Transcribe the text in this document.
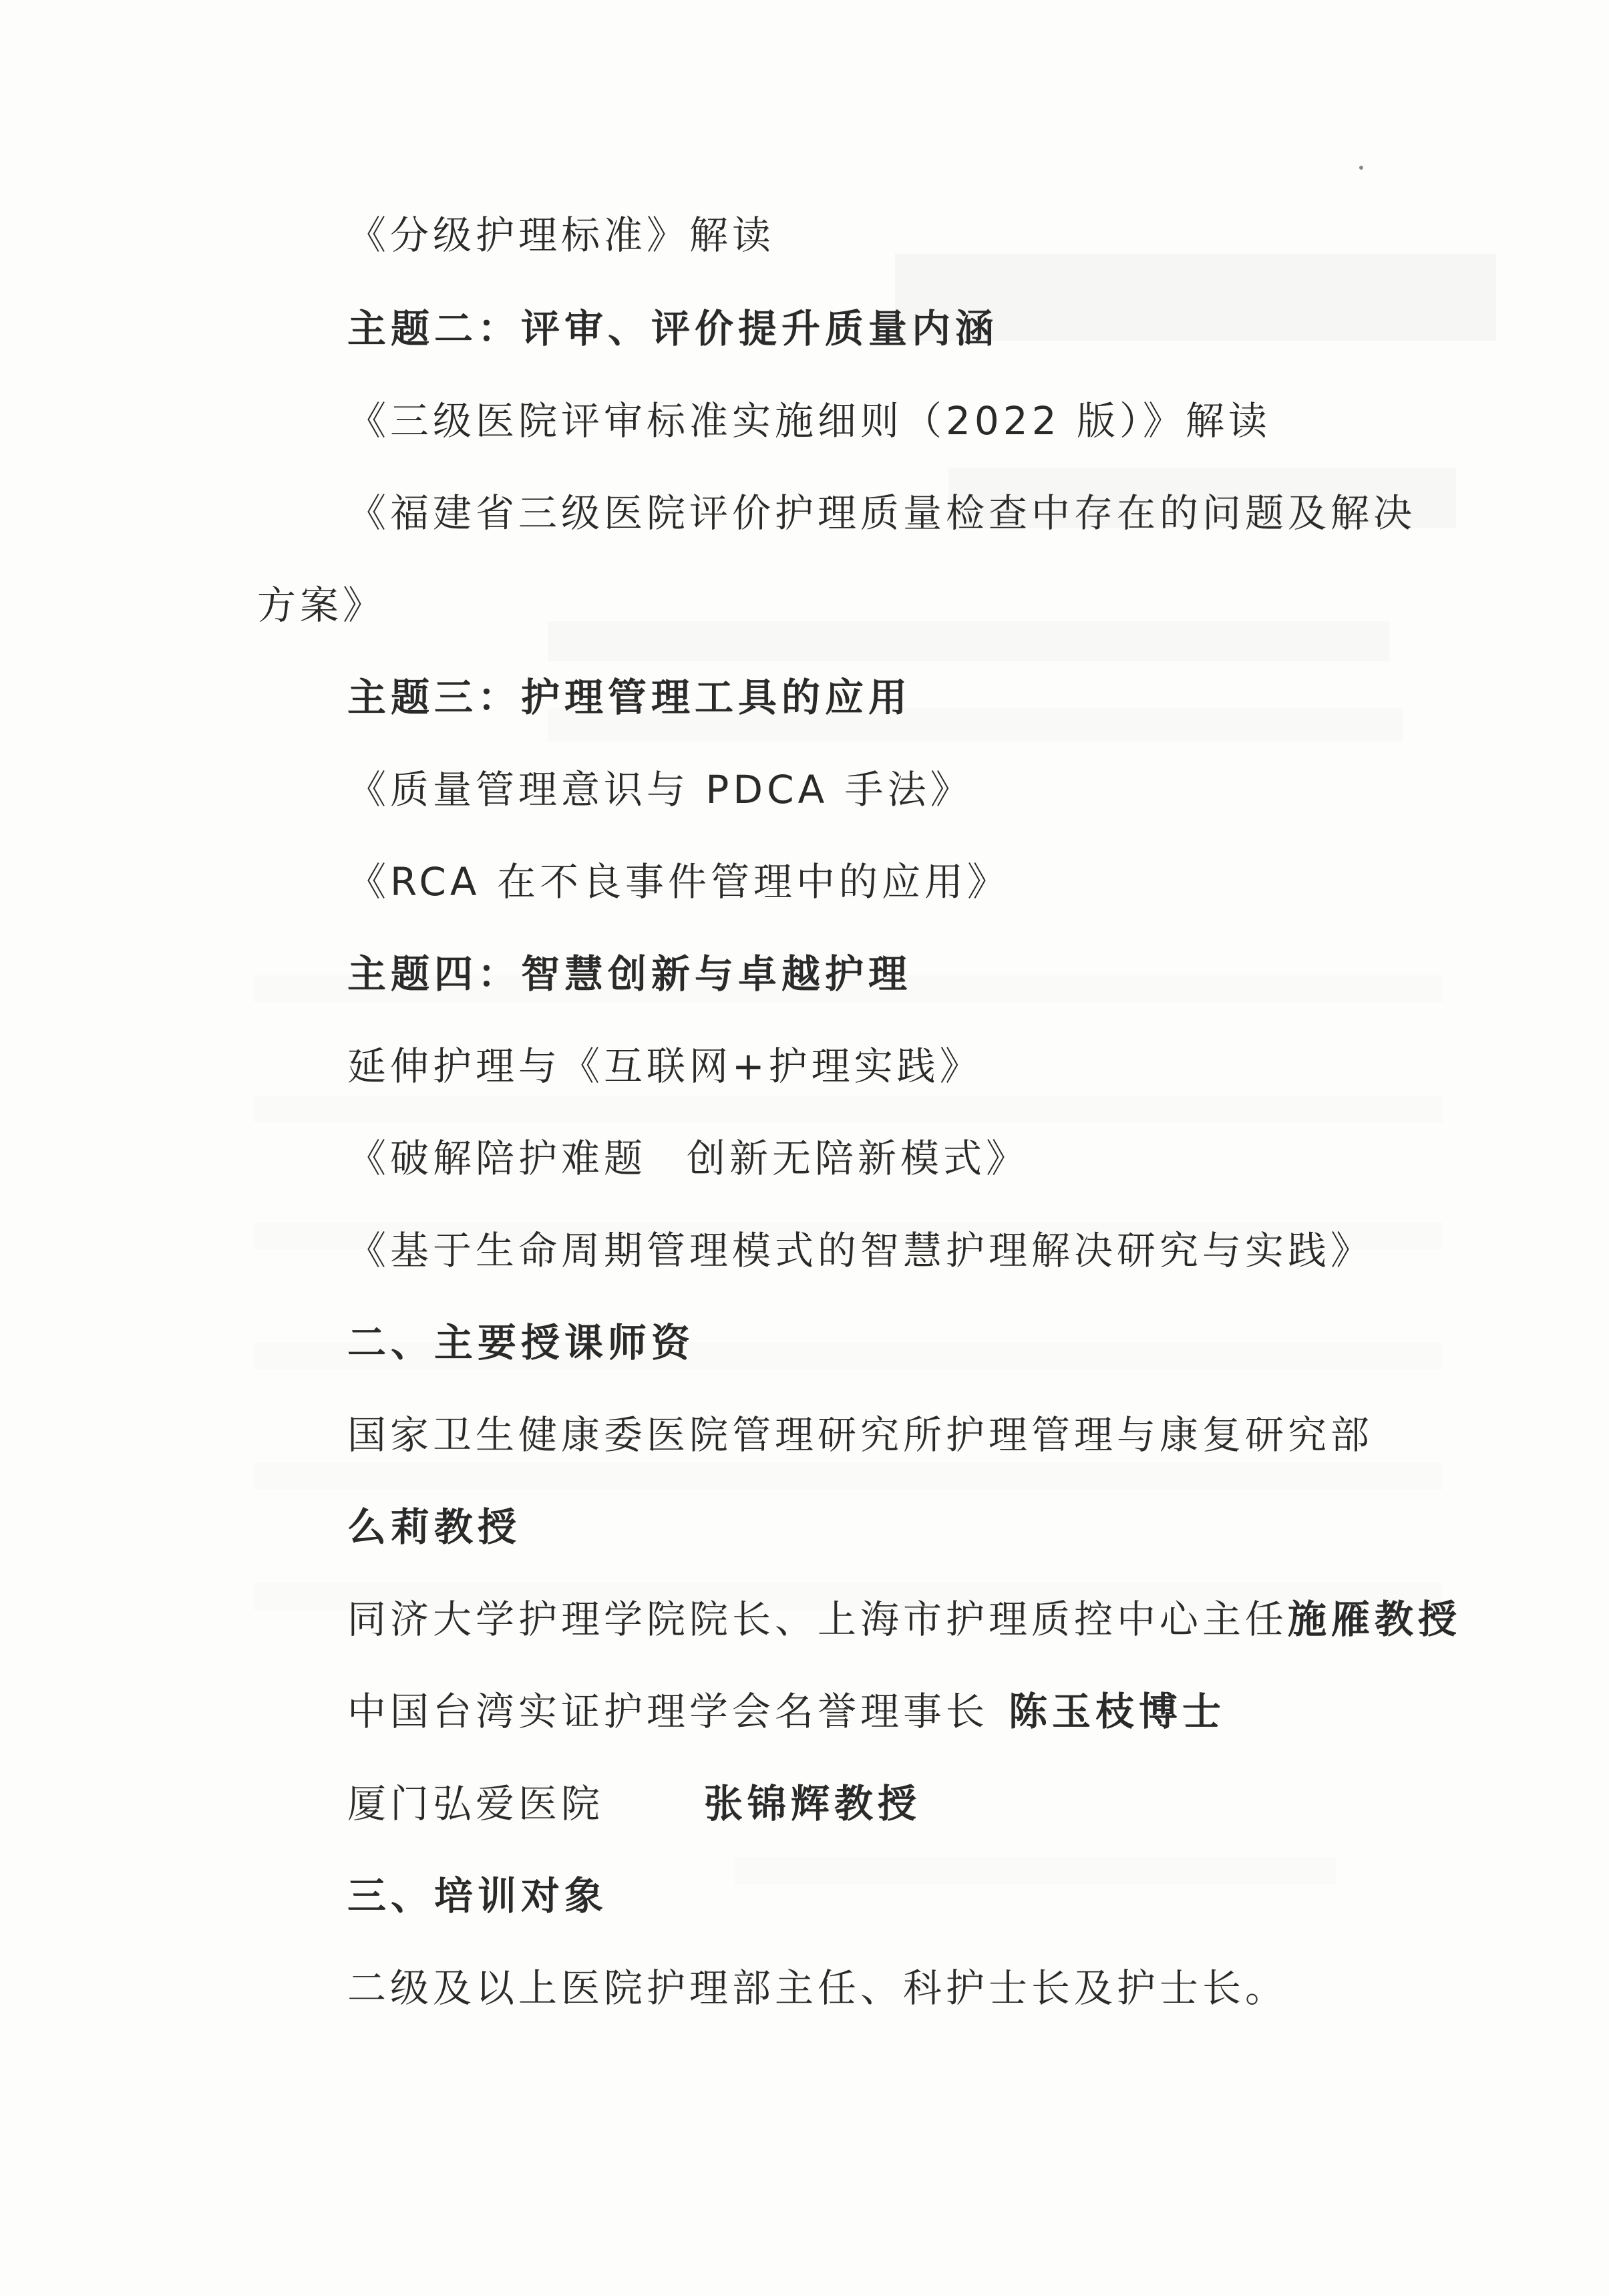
《分级护理标准》解读
主题二：评审、评价提升质量内涵
《三级医院评审标准实施细则（2022 版）》解读
《福建省三级医院评价护理质量检查中存在的问题及解决
方案》
主题三：护理管理工具的应用
《质量管理意识与 PDCA 手法》
《RCA 在不良事件管理中的应用》
主题四：智慧创新与卓越护理
延伸护理与《互联网+护理实践》
《破解陪护难题 创新无陪新模式》
《基于生命周期管理模式的智慧护理解决研究与实践》
二、主要授课师资
国家卫生健康委医院管理研究所护理管理与康复研究部
么莉教授
同济大学护理学院院长、上海市护理质控中心主任施雁教授
中国台湾实证护理学会名誉理事长 陈玉枝博士
厦门弘爱医院	张锦辉教授
三、培训对象
二级及以上医院护理部主任、科护士长及护士长。
